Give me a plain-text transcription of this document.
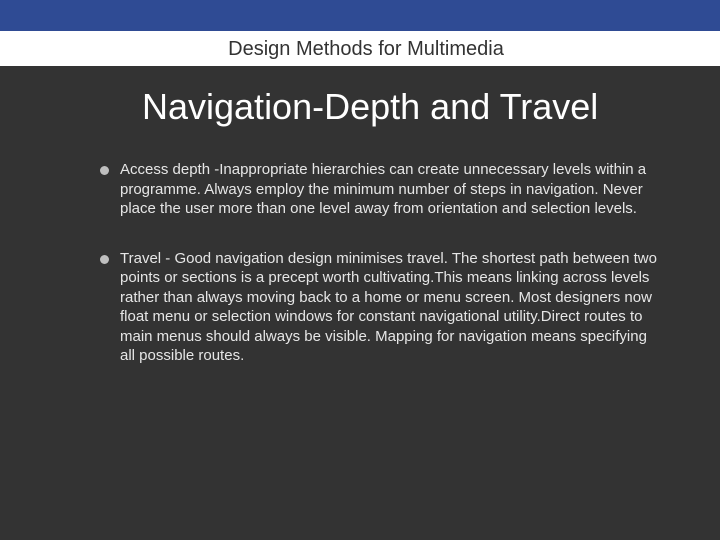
Design Methods for Multimedia
Navigation-Depth and Travel
Access depth -Inappropriate hierarchies can create unnecessary levels within a programme. Always employ the minimum number of steps in navigation. Never place the user more than one level away from orientation and selection levels.
Travel - Good navigation design minimises travel. The shortest path between two points or sections is a precept worth cultivating.This means linking across levels rather than always moving back to a home or menu screen. Most designers now float menu or selection windows for constant navigational utility.Direct routes to main menus should always be visible. Mapping for navigation means specifying all possible routes.
